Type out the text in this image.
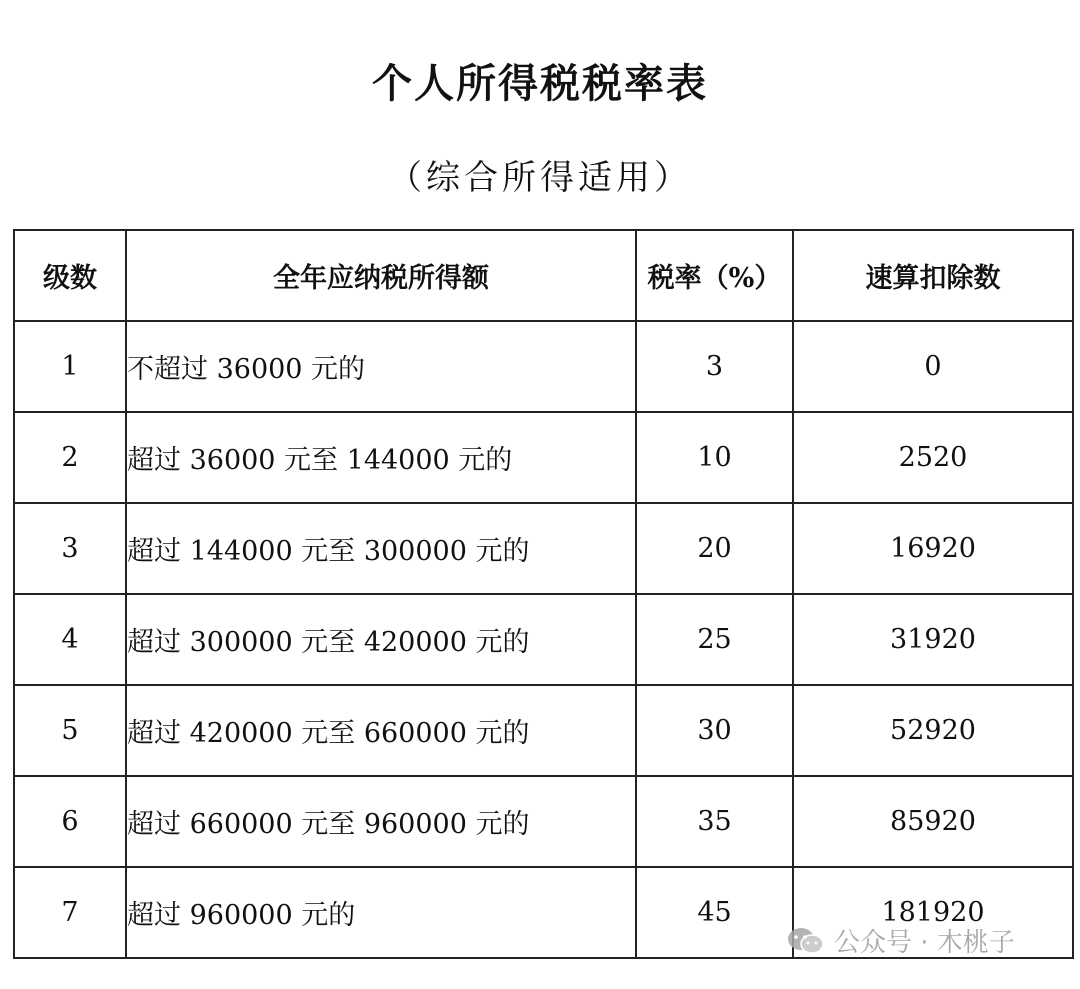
个人所得税税率表
（综合所得适用）
级数	全年应纳税所得额	税率（%）	速算扣除数
1	不超过 36000 元的	3	0
2	超过 36000 元至 144000 元的	10	2520
3	超过 144000 元至 300000 元的	20	16920
4	超过 300000 元至 420000 元的	25	31920
5	超过 420000 元至 660000 元的	30	52920
6	超过 660000 元至 960000 元的	35	85920
7	超过 960000 元的	45	181920
公众号 · 木桃子
